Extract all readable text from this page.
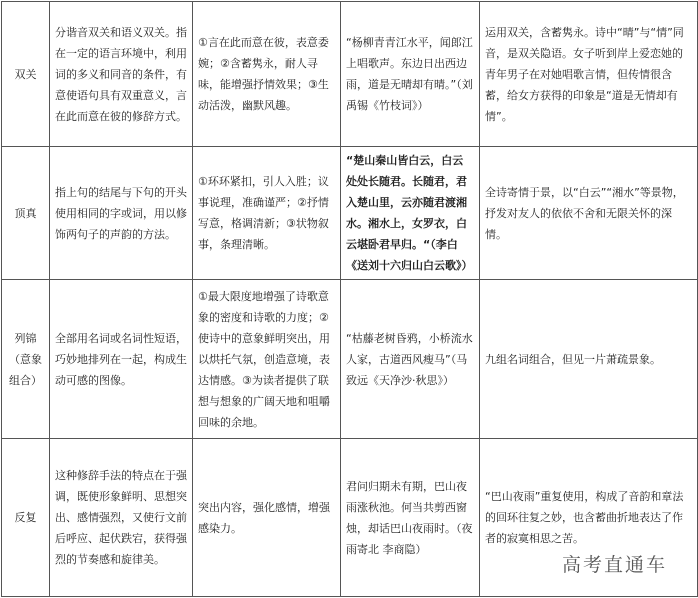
双关	分谐音双关和语义双关。指在一定的语言环境中，利用词的多义和同音的条件，有意使语句具有双重意义，言在此而意在彼的修辞方式。	①言在此而意在彼，表意委婉；②含蓄隽永，耐人寻味，能增强抒情效果；③生动活泼，幽默风趣。	“杨柳青青江水平，闻郎江上唱歌声。东边日出西边雨，道是无晴却有晴。”（刘禹锡《竹枝词》）	运用双关，含蓄隽永。诗中“晴”与“情”同音，是双关隐语。女子听到岸上爱恋她的青年男子在对她唱歌言情，但传情很含蓄，给女方获得的印象是“道是无情却有情”。
顶真	指上句的结尾与下句的开头使用相同的字或词，用以修饰两句子的声韵的方法。	①环环紧扣，引人入胜；议事说理，准确谨严；②抒情写意，格调清新；③状物叙事，条理清晰。	“楚山秦山皆白云，白云处处长随君。长随君，君入楚山里，云亦随君渡湘水。湘水上，女罗衣，白云堪卧君早归。“（李白《送刘十六归山白云歌》）	全诗寄情于景，以“白云”“湘水”等景物，抒发对友人的依依不舍和无限关怀的深情。
列锦（意象组合）	全部用名词或名词性短语，巧妙地排列在一起，构成生动可感的图像。	①最大限度地增强了诗歌意象的密度和诗歌的力度；②使诗中的意象鲜明突出，用以烘托气氛，创造意境，表达情感。③为读者提供了联想与想象的广阔天地和咀嚼回味的余地。	“枯藤老树昏鸦，小桥流水人家，古道西风瘦马”（马致远《天净沙·秋思》）	九组名词组合，但见一片萧疏景象。
反复	这种修辞手法的特点在于强调，既使形象鲜明、思想突出、感情强烈，又使行文前后呼应、起伏跌宕，获得强烈的节奏感和旋律美。	突出内容，强化感情，增强感染力。	君问归期未有期，巴山夜雨涨秋池。何当共剪西窗烛，却话巴山夜雨时。（夜雨寄北 李商隐）	“巴山夜雨”重复使用，构成了音韵和章法的回环往复之妙，也含蓄曲折地表达了作者的寂寞相思之苦。
高考直通车
